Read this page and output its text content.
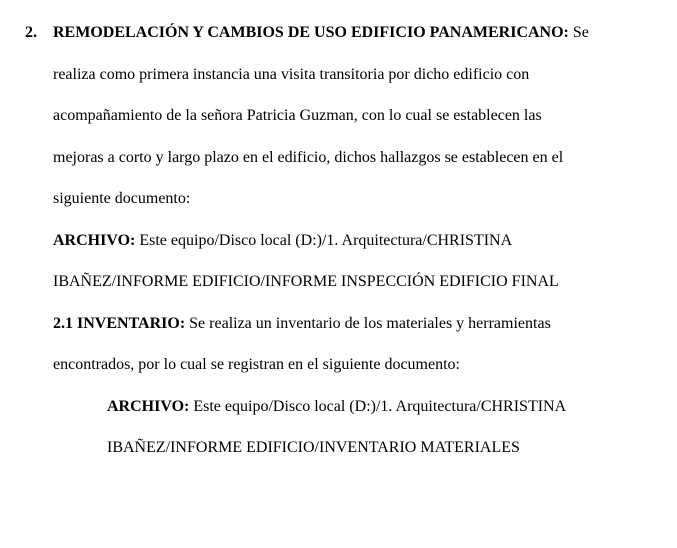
2. REMODELACIÓN Y CAMBIOS DE USO EDIFICIO PANAMERICANO: Se
realiza como primera instancia una visita transitoria por dicho edificio con
acompañamiento de la señora Patricia Guzman, con lo cual se establecen las
mejoras a corto y largo plazo en el edificio, dichos hallazgos se establecen en el
siguiente documento:
ARCHIVO: Este equipo/Disco local (D:)/1. Arquitectura/CHRISTINA
IBAÑEZ/INFORME EDIFICIO/INFORME INSPECCIÓN EDIFICIO FINAL
2.1 INVENTARIO: Se realiza un inventario de los materiales y herramientas
encontrados, por lo cual se registran en el siguiente documento:
ARCHIVO: Este equipo/Disco local (D:)/1. Arquitectura/CHRISTINA
IBAÑEZ/INFORME EDIFICIO/INVENTARIO MATERIALES
